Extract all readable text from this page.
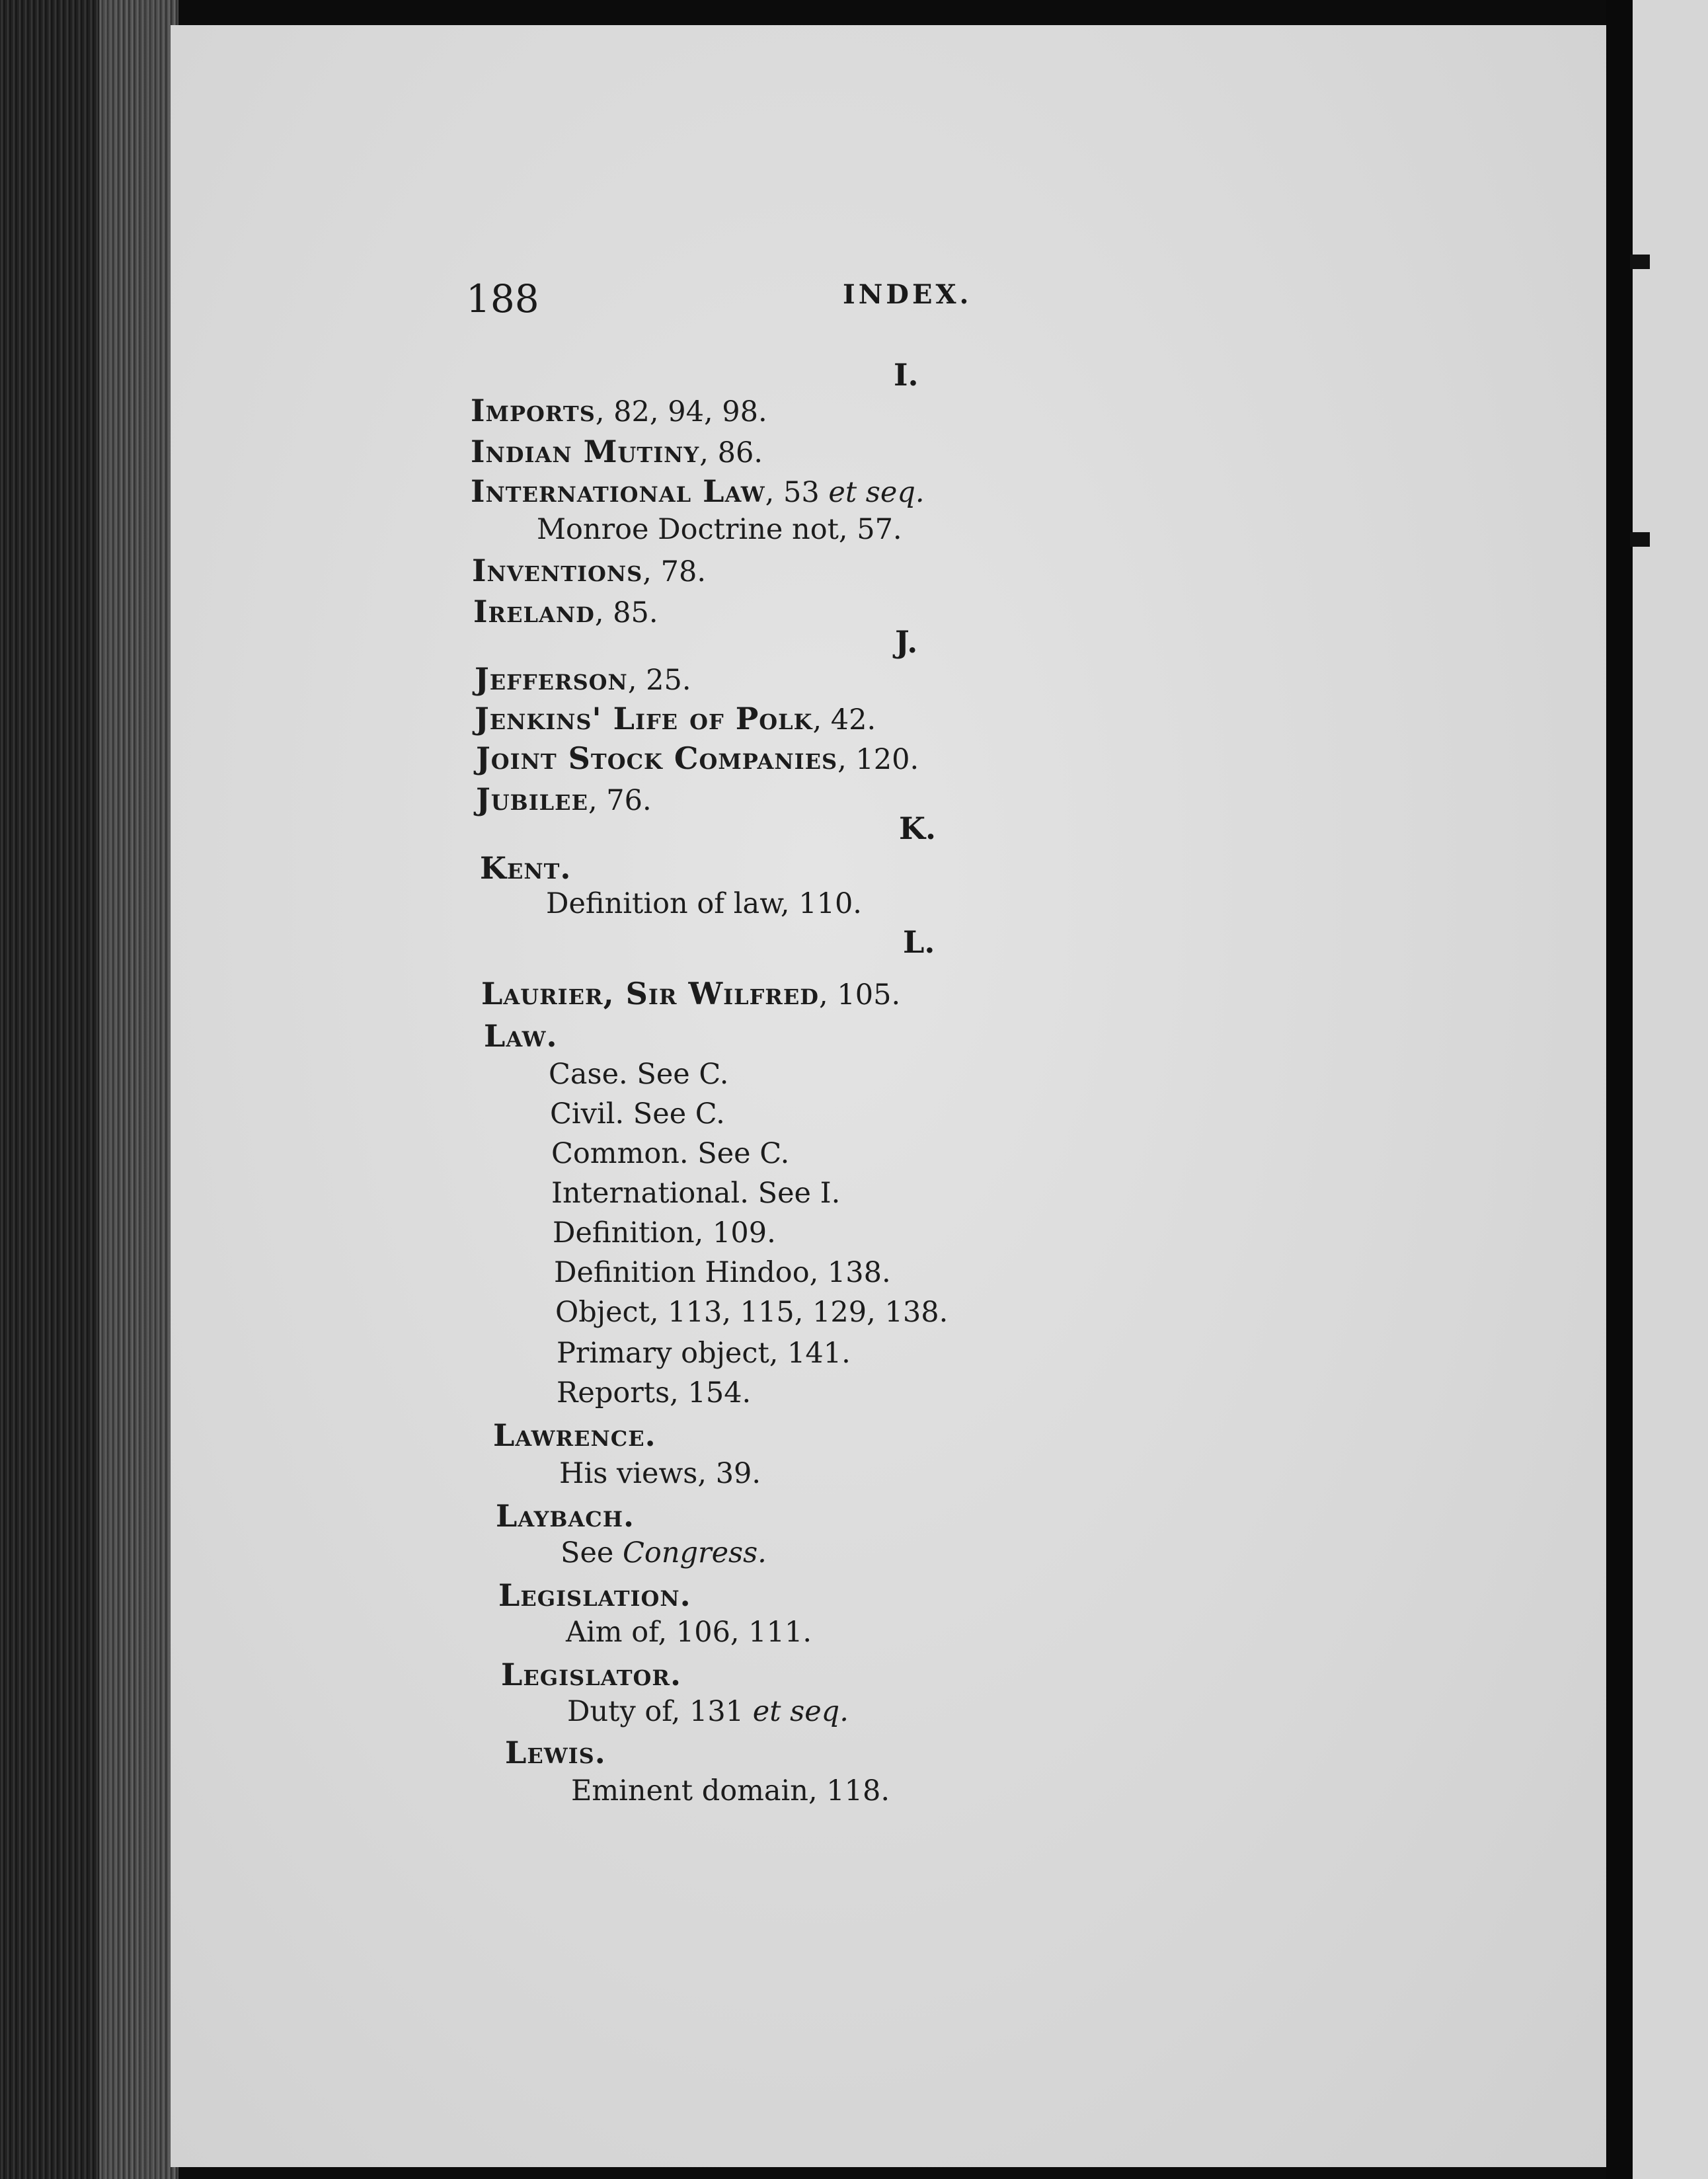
188	INDEX.
I.
Imports, 82, 94, 98.
Indian Mutiny, 86.
International Law, 53 et seq.
Monroe Doctrine not, 57.
Inventions, 78.
Ireland, 85.
J.
Jefferson, 25.
Jenkins' Life of Polk, 42.
Joint Stock Companies, 120.
Jubilee, 76.
K.
Kent.
Definition of law, 110.
L.
Laurier, Sir Wilfred, 105.
Law.
Case. See C.
Civil. See C.
Common. See C.
International. See I.
Definition, 109.
Definition Hindoo, 138.
Object, 113, 115, 129, 138.
Primary object, 141.
Reports, 154.
Lawrence.
His views, 39.
Laybach.
See Congress.
Legislation.
Aim of, 106, 111.
Legislator.
Duty of, 131 et seq.
Lewis.
Eminent domain, 118.
